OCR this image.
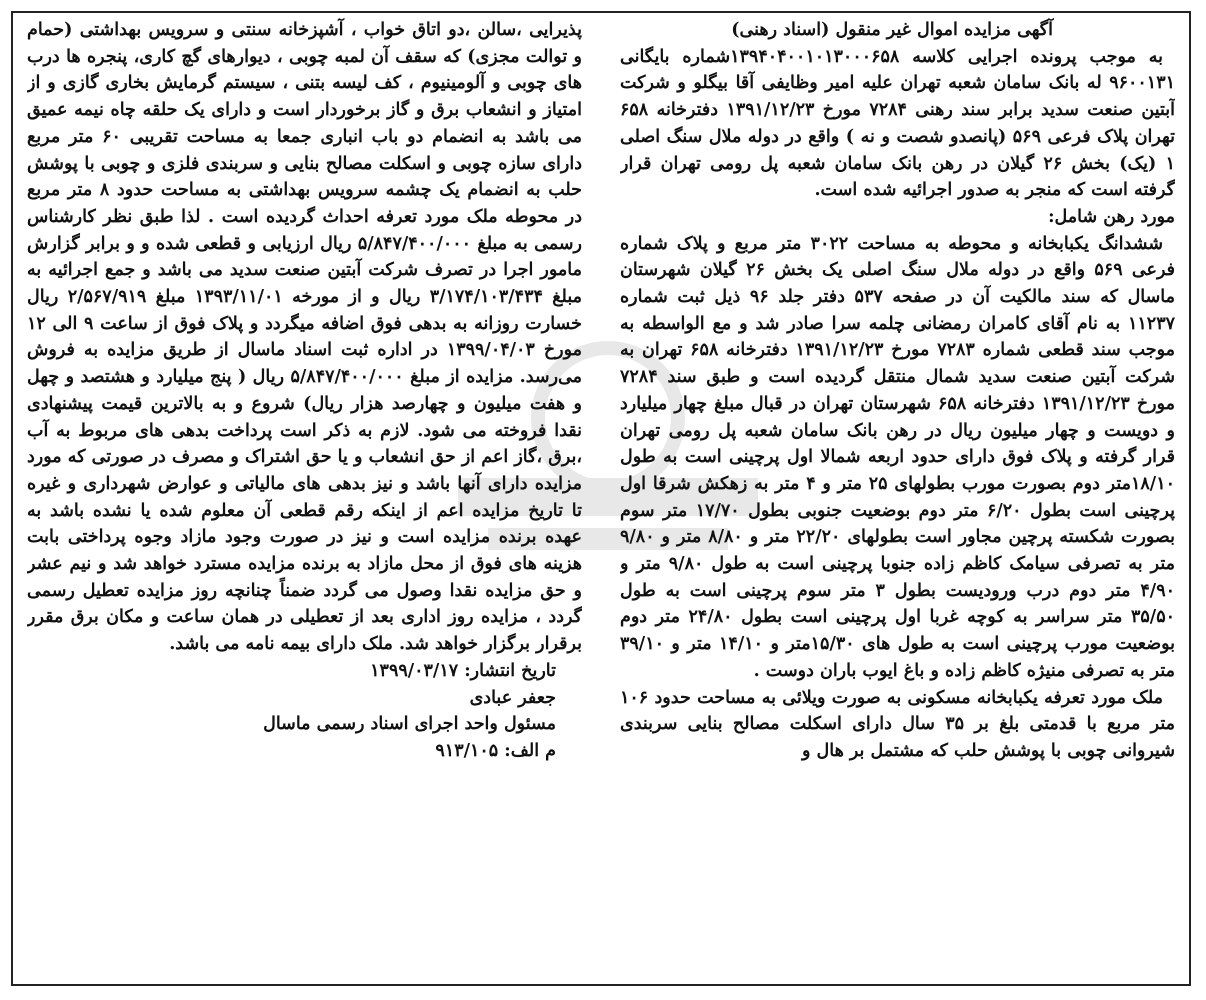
آگهی مزایده اموال غیر منقول (اسناد رهنی)

به موجب پرونده اجرایی کلاسه ۱۳۹۴۰۴۰۰۱۰۱۳۰۰۰۶۵۸شماره بایگانی ۹۶۰۰۱۳۱ له بانک سامان شعبه تهران علیه امیر وظایفی آقا بیگلو و شرکت آبتین صنعت سدید برابر سند رهنی ۷۲۸۴ مورخ ۱۳۹۱/۱۲/۲۳ دفترخانه ۶۵۸ تهران پلاک فرعی ۵۶۹ (پانصدو شصت و نه ) واقع در دوله ملال سنگ اصلی ۱ (یک) بخش ۲۶ گیلان در رهن بانک سامان شعبه پل رومی تهران قرار گرفته است که منجر به صدور اجرائیه شده است.

مورد رهن شامل:

ششدانگ یکبابخانه و محوطه به مساحت ۳۰۲۲ متر مربع و پلاک شماره فرعی ۵۶۹ واقع در دوله ملال سنگ اصلی یک بخش ۲۶ گیلان شهرستان ماسال که سند مالکیت آن در صفحه ۵۳۷ دفتر جلد ۹۶ ذیل ثبت شماره ۱۱۲۳۷ به نام آقای کامران رمضانی چلمه سرا صادر شد و مع الواسطه به موجب سند قطعی شماره ۷۲۸۳ مورخ ۱۳۹۱/۱۲/۲۳ دفترخانه ۶۵۸ تهران به شرکت آبتین صنعت سدید شمال منتقل گردیده است و طبق سند ۷۲۸۴ مورخ ۱۳۹۱/۱۲/۲۳ دفترخانه ۶۵۸ شهرستان تهران در قبال مبلغ چهار میلیارد و دویست و چهار میلیون ریال در رهن بانک سامان شعبه پل رومی تهران قرار گرفته و پلاک فوق دارای حدود اربعه شمالا اول پرچینی است به طول ۱۸/۱۰متر دوم بصورت مورب بطولهای ۲۵ متر و ۴ متر به زهکش شرقا اول پرچینی است بطول ۶/۲۰ متر دوم بوضعیت جنوبی بطول ۱۷/۷۰ متر سوم بصورت شکسته پرچین مجاور است بطولهای ۲۲/۲۰ متر و ۸/۸۰ متر و ۹/۸۰ متر به تصرفی سیامک کاظم زاده جنوبا پرچینی است به طول ۹/۸۰ متر و ۴/۹۰ متر دوم درب ورودیست بطول ۳ متر سوم پرچینی است به طول ۳۵/۵۰ متر سراسر به کوچه غربا اول پرچینی است بطول ۲۴/۸۰ متر دوم بوضعیت مورب پرچینی است به طول های ۱۵/۳۰متر و ۱۴/۱۰ متر و ۳۹/۱۰ متر به تصرفی منیژه کاظم زاده و باغ ایوب باران دوست .

ملک مورد تعرفه یکبابخانه مسکونی به صورت ویلائی به مساحت حدود ۱۰۶ متر مربع با قدمتی بلغ بر ۳۵ سال دارای اسکلت مصالح بنایی سربندی شیروانی چوبی با پوشش حلب که مشتمل بر هال و

پذیرایی ،سالن ،دو اتاق خواب ، آشپزخانه سنتی و سرویس بهداشتی (حمام و توالت مجزی) که سقف آن لمبه چوبی ، دیوارهای گچ کاری، پنجره ها درب های چوبی و آلومینیوم ، کف لیسه بتنی ، سیستم گرمایش بخاری گازی و از امتیاز و انشعاب برق و گاز برخوردار است و دارای یک حلقه چاه نیمه عمیق می باشد به انضمام دو باب انباری جمعا به مساحت تقریبی ۶۰ متر مربع دارای سازه چوبی و اسکلت مصالح بنایی و سربندی فلزی و چوبی با پوشش حلب به انضمام یک چشمه سرویس بهداشتی به مساحت حدود ۸ متر مربع در محوطه ملک مورد تعرفه احداث گردیده است . لذا طبق نظر کارشناس رسمی به مبلغ ۵/۸۴۷/۴۰۰/۰۰۰ ریال ارزیابی و قطعی شده و و برابر گزارش مامور اجرا در تصرف شرکت آبتین صنعت سدید می باشد و جمع اجرائیه به مبلغ ۳/۱۷۴/۱۰۳/۴۳۴ ریال و از مورخه ۱۳۹۳/۱۱/۰۱ مبلغ ۲/۵۶۷/۹۱۹ ریال خسارت روزانه به بدهی فوق اضافه میگردد و پلاک فوق از ساعت ۹ الی ۱۲ مورخ ۱۳۹۹/۰۴/۰۳ در اداره ثبت اسناد ماسال از طریق مزایده به فروش می‌رسد. مزایده از مبلغ ۵/۸۴۷/۴۰۰/۰۰۰ ریال ( پنج میلیارد و هشتصد و چهل و هفت میلیون و چهارصد هزار ریال) شروع و به بالاترین قیمت پیشنهادی نقدا فروخته می شود. لازم به ذکر است پرداخت بدهی های مربوط به آب ،برق ،گاز اعم از حق انشعاب و یا حق اشتراک و مصرف در صورتی که مورد مزایده دارای آنها باشد و نیز بدهی های مالیاتی و عوارض شهرداری و غیره تا تاریخ مزایده اعم از اینکه رقم قطعی آن معلوم شده یا نشده باشد به عهده برنده مزایده است و نیز در صورت وجود مازاد وجوه پرداختی بابت هزینه های فوق از محل مازاد به برنده مزایده مسترد خواهد شد و نیم عشر و حق مزایده نقدا وصول می گردد ضمناً چنانچه روز مزایده تعطیل رسمی گردد ، مزایده روز اداری بعد از تعطیلی در همان ساعت و مکان برق مقرر برقرار برگزار خواهد شد. ملک دارای بیمه نامه می باشد.

تاریخ انتشار: ۱۳۹۹/۰۳/۱۷

جعفر عبادی

مسئول واحد اجرای اسناد رسمی ماسال

م الف: ۹۱۳/۱۰۵
